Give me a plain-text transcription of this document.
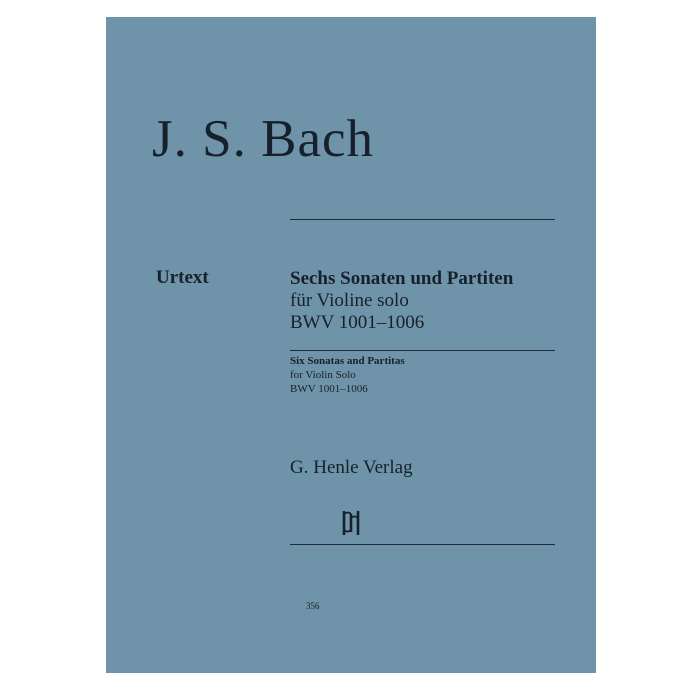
J. S. Bach
Urtext	Sechs Sonaten und Partiten
für Violine solo
BWV 1001–1006
Six Sonatas and Partitas
for Violin Solo
BWV 1001–1006
G. Henle Verlag
356
